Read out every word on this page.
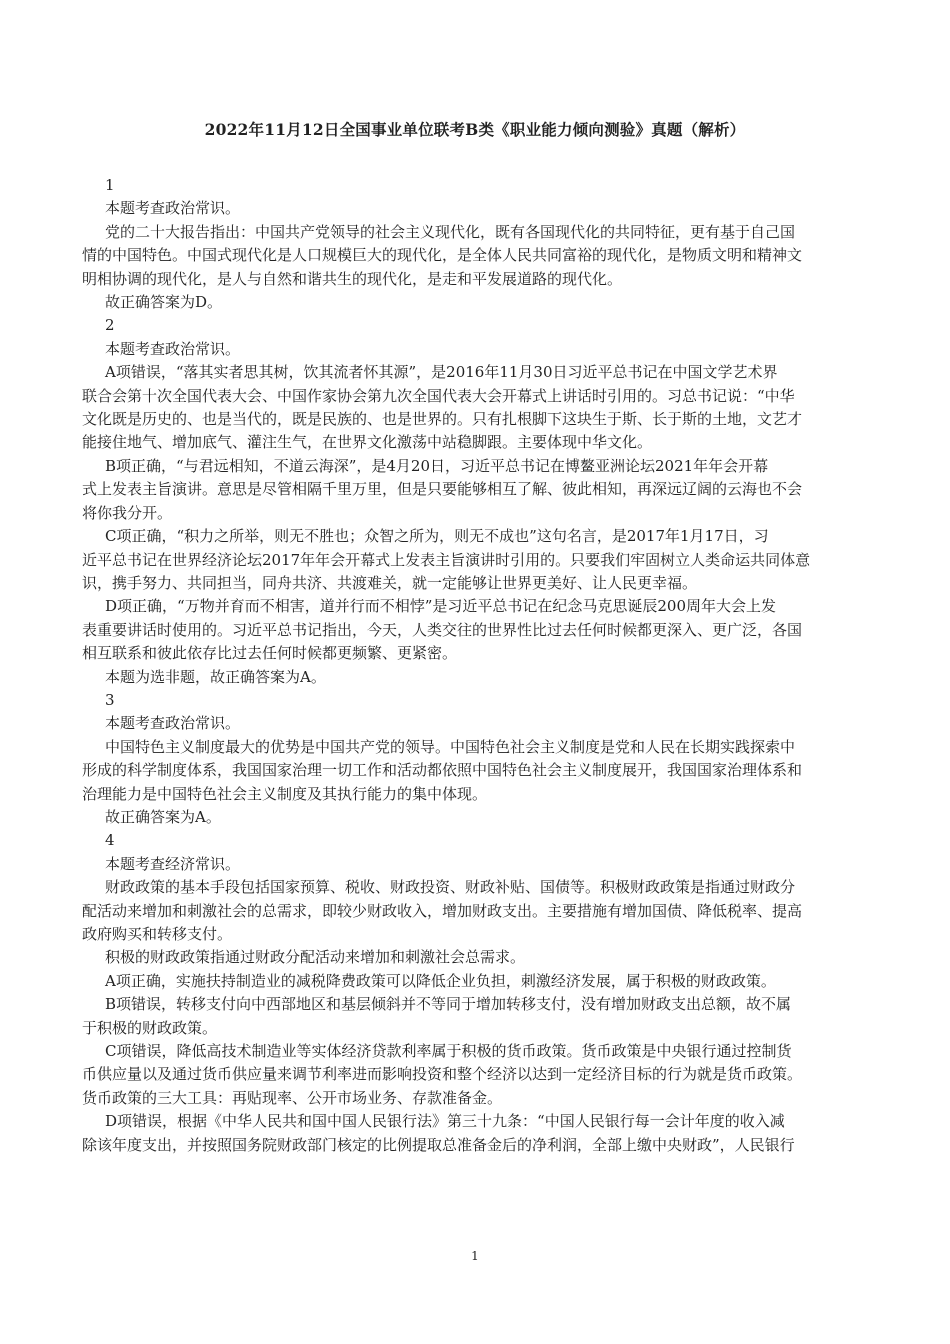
2022年11月12日全国事业单位联考B类《职业能力倾向测验》真题（解析）

1

本题考查政治常识。

党的二十大报告指出：中国共产党领导的社会主义现代化，既有各国现代化的共同特征，更有基于自己国

情的中国特色。中国式现代化是人口规模巨大的现代化，是全体人民共同富裕的现代化，是物质文明和精神文

明相协调的现代化，是人与自然和谐共生的现代化，是走和平发展道路的现代化。

故正确答案为D。

2

本题考查政治常识。

A项错误，“落其实者思其树，饮其流者怀其源”，是2016年11月30日习近平总书记在中国文学艺术界

联合会第十次全国代表大会、中国作家协会第九次全国代表大会开幕式上讲话时引用的。习总书记说：“中华

文化既是历史的、也是当代的，既是民族的、也是世界的。只有扎根脚下这块生于斯、长于斯的土地，文艺才

能接住地气、增加底气、灌注生气，在世界文化激荡中站稳脚跟。主要体现中华文化。

B项正确，“与君远相知，不道云海深”，是4月20日，习近平总书记在博鳌亚洲论坛2021年年会开幕

式上发表主旨演讲。意思是尽管相隔千里万里，但是只要能够相互了解、彼此相知，再深远辽阔的云海也不会

将你我分开。

C项正确，“积力之所举，则无不胜也；众智之所为，则无不成也”这句名言，是2017年1月17日，习

近平总书记在世界经济论坛2017年年会开幕式上发表主旨演讲时引用的。只要我们牢固树立人类命运共同体意

识，携手努力、共同担当，同舟共济、共渡难关，就一定能够让世界更美好、让人民更幸福。

D项正确，“万物并育而不相害，道并行而不相悖”是习近平总书记在纪念马克思诞辰200周年大会上发

表重要讲话时使用的。习近平总书记指出，今天，人类交往的世界性比过去任何时候都更深入、更广泛，各国

相互联系和彼此依存比过去任何时候都更频繁、更紧密。

本题为选非题，故正确答案为A。

3

本题考查政治常识。

中国特色主义制度最大的优势是中国共产党的领导。中国特色社会主义制度是党和人民在长期实践探索中

形成的科学制度体系，我国国家治理一切工作和活动都依照中国特色社会主义制度展开，我国国家治理体系和

治理能力是中国特色社会主义制度及其执行能力的集中体现。

故正确答案为A。

4

本题考查经济常识。

财政政策的基本手段包括国家预算、税收、财政投资、财政补贴、国债等。积极财政政策是指通过财政分

配活动来增加和刺激社会的总需求，即较少财政收入，增加财政支出。主要措施有增加国债、降低税率、提高

政府购买和转移支付。

积极的财政政策指通过财政分配活动来增加和刺激社会总需求。

A项正确，实施扶持制造业的减税降费政策可以降低企业负担，刺激经济发展，属于积极的财政政策。

B项错误，转移支付向中西部地区和基层倾斜并不等同于增加转移支付，没有增加财政支出总额，故不属

于积极的财政政策。

C项错误，降低高技术制造业等实体经济贷款利率属于积极的货币政策。货币政策是中央银行通过控制货

币供应量以及通过货币供应量来调节利率进而影响投资和整个经济以达到一定经济目标的行为就是货币政策。

货币政策的三大工具：再贴现率、公开市场业务、存款准备金。

D项错误，根据《中华人民共和国中国人民银行法》第三十九条：“中国人民银行每一会计年度的收入减

除该年度支出，并按照国务院财政部门核定的比例提取总准备金后的净利润，全部上缴中央财政”，人民银行

1
